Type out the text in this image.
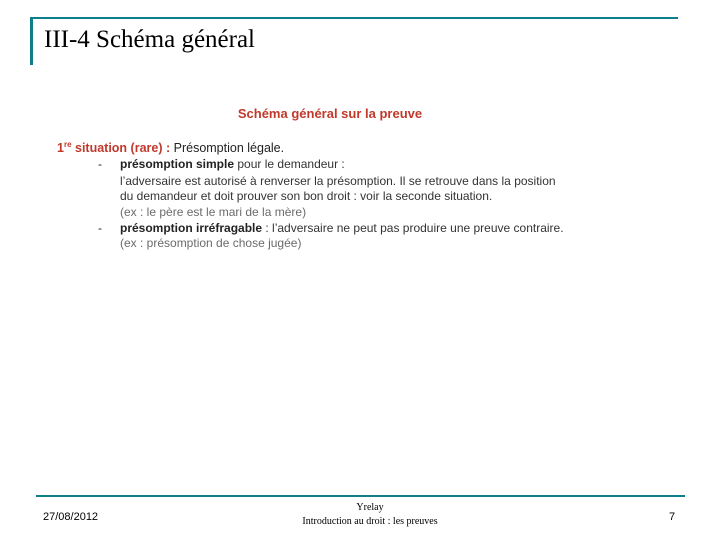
III-4 Schéma général
Schéma général sur la preuve
1re situation (rare) : Présomption légale.
- présomption simple pour le demandeur :
l’adversaire est autorisé à renverser la présomption. Il se retrouve dans la position
du demandeur et doit prouver son bon droit : voir la seconde situation.
(ex : le père est le mari de la mère)
- présomption irréfragable : l’adversaire ne peut pas produire une preuve contraire.
(ex : présomption de chose jugée)
27/08/2012
Yrelay
Introduction au droit : les preuves	7
